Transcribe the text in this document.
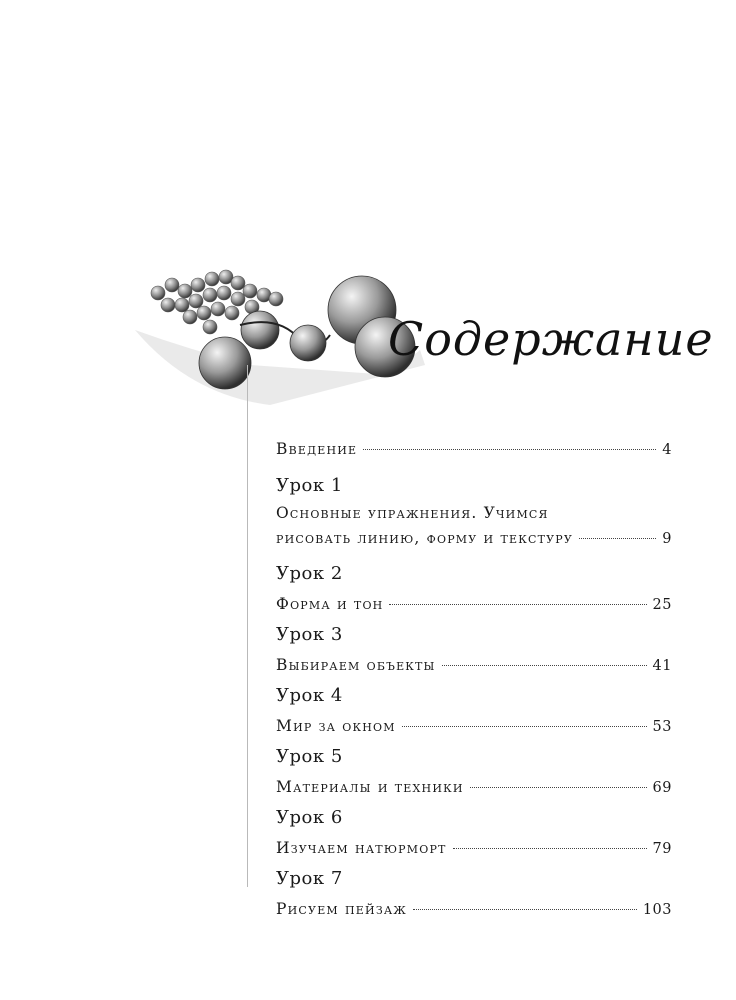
Содержание
Введение	4
Урок 1
Основные упражнения. Учимся
рисовать линию, форму и текстуру	9
Урок 2
Форма и тон	25
Урок 3
Выбираем объекты	41
Урок 4
Мир за окном	53
Урок 5
Материалы и техники	69
Урок 6
Изучаем натюрморт	79
Урок 7
Рисуем пейзаж	103
